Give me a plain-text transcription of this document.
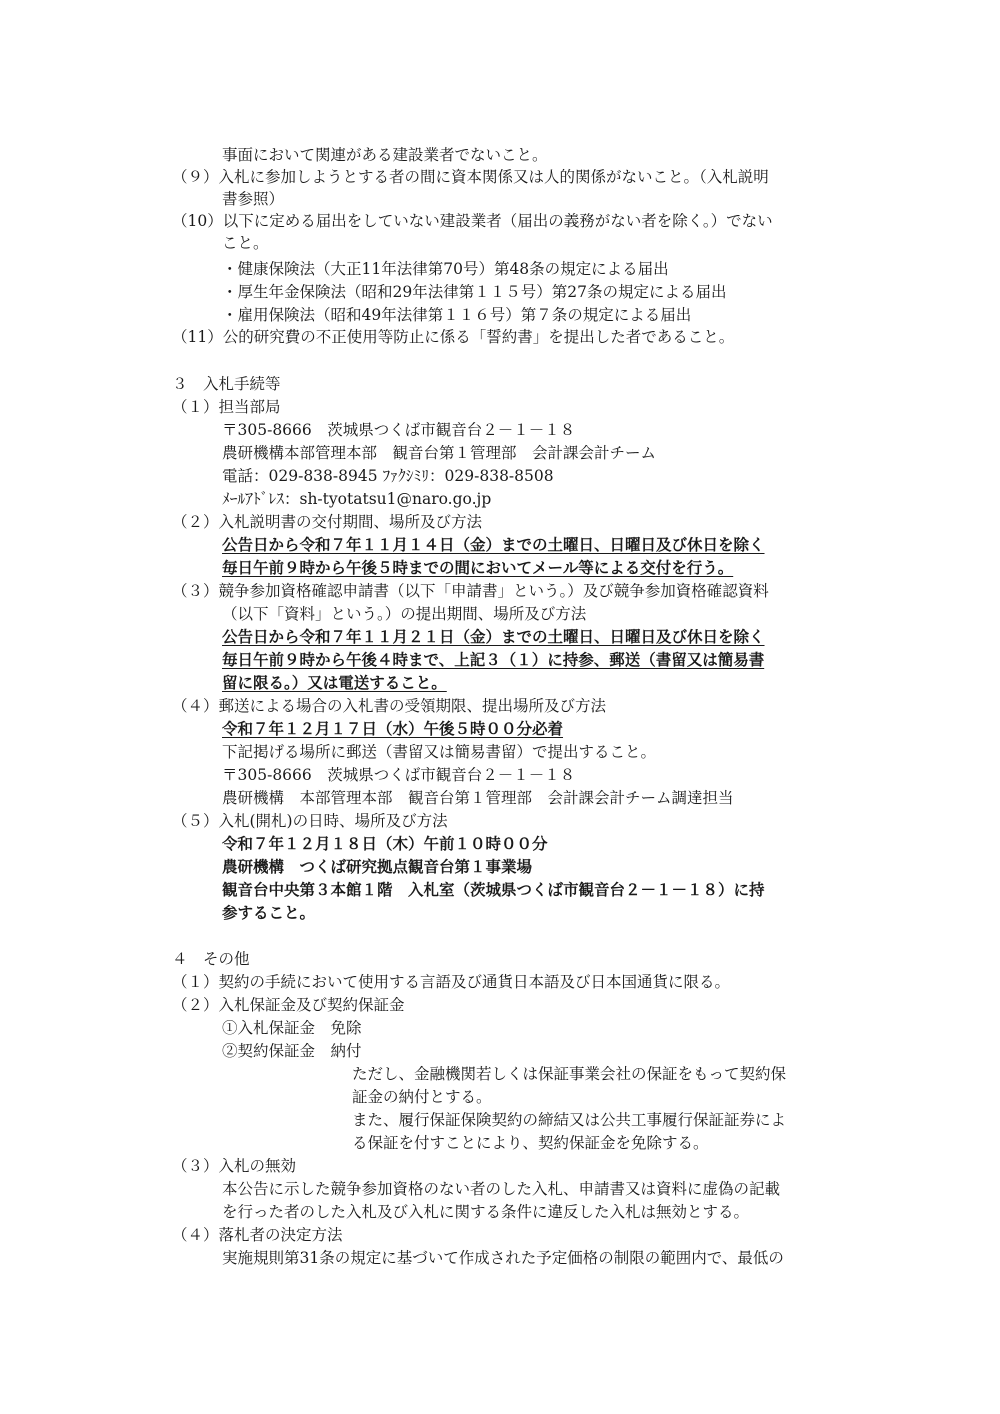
事面において関連がある建設業者でないこと。
（９）入札に参加しようとする者の間に資本関係又は人的関係がないこと。（入札説明
書参照）
（10）以下に定める届出をしていない建設業者（届出の義務がない者を除く。）でない
こと。
・健康保険法（大正11年法律第70号）第48条の規定による届出
・厚生年金保険法（昭和29年法律第１１５号）第27条の規定による届出
・雇用保険法（昭和49年法律第１１６号）第７条の規定による届出
（11）公的研究費の不正使用等防止に係る「誓約書」を提出した者であること。
３　入札手続等
（１）担当部局
〒305-8666　茨城県つくば市観音台２－１－１８
農研機構本部管理本部　観音台第１管理部　会計課会計チーム
電話：029-838-8945 ﾌｧｸｼﾐﾘ：029-838-8508
ﾒｰﾙｱﾄﾞﾚｽ：sh-tyotatsu1@naro.go.jp
（２）入札説明書の交付期間、場所及び方法
公告日から令和７年１１月１４日（金）までの土曜日、日曜日及び休日を除く
毎日午前９時から午後５時までの間においてメール等による交付を行う。
（３）競争参加資格確認申請書（以下「申請書」という。）及び競争参加資格確認資料
（以下「資料」という。）の提出期間、場所及び方法
公告日から令和７年１１月２１日（金）までの土曜日、日曜日及び休日を除く
毎日午前９時から午後４時まで、上記３（１）に持参、郵送（書留又は簡易書
留に限る。）又は電送すること。
（４）郵送による場合の入札書の受領期限、提出場所及び方法
令和７年１２月１７日（水）午後５時００分必着
下記掲げる場所に郵送（書留又は簡易書留）で提出すること。
〒305-8666　茨城県つくば市観音台２－１－１８
農研機構　本部管理本部　観音台第１管理部　会計課会計チーム調達担当
（５）入札(開札)の日時、場所及び方法
令和７年１２月１８日（木）午前１０時００分
農研機構　つくば研究拠点観音台第１事業場
観音台中央第３本館１階　入札室（茨城県つくば市観音台２－１－１８）に持
参すること。
４　その他
（１）契約の手続において使用する言語及び通貨日本語及び日本国通貨に限る。
（２）入札保証金及び契約保証金
①入札保証金　免除
②契約保証金　納付
ただし、金融機関若しくは保証事業会社の保証をもって契約保
証金の納付とする。
また、履行保証保険契約の締結又は公共工事履行保証証券によ
る保証を付すことにより、契約保証金を免除する。
（３）入札の無効
本公告に示した競争参加資格のない者のした入札、申請書又は資料に虚偽の記載
を行った者のした入札及び入札に関する条件に違反した入札は無効とする。
（４）落札者の決定方法
実施規則第31条の規定に基づいて作成された予定価格の制限の範囲内で、最低の
